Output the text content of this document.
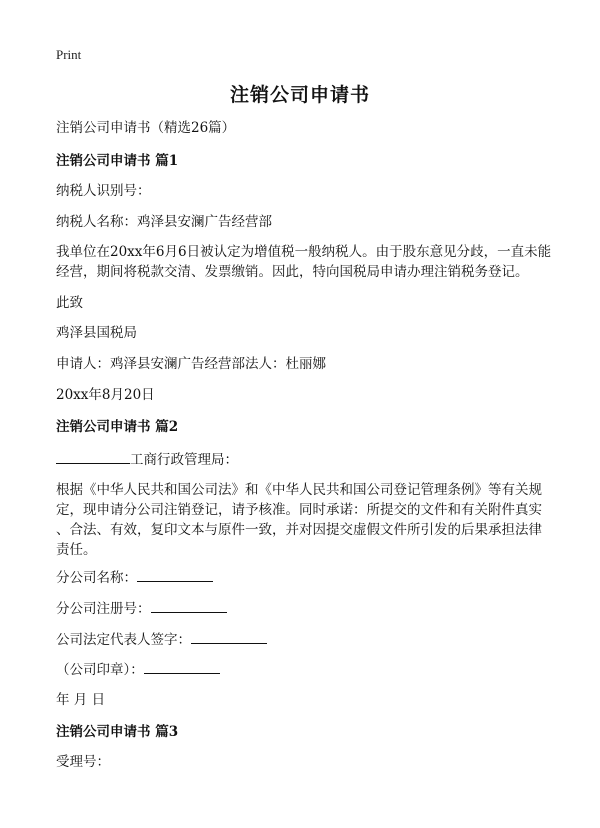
Print
注销公司申请书
注销公司申请书（精选26篇）
注销公司申请书 篇1
纳税人识别号：
纳税人名称：鸡泽县安澜广告经营部
我单位在20xx年6月6日被认定为增值税一般纳税人。由于股东意见分歧，一直未能
经营，期间将税款交清、发票缴销。因此，特向国税局申请办理注销税务登记。
此致
鸡泽县国税局
申请人：鸡泽县安澜广告经营部法人：杜丽娜
20xx年8月20日
注销公司申请书 篇2
工商行政管理局：
根据《中华人民共和国公司法》和《中华人民共和国公司登记管理条例》等有关规
定，现申请分公司注销登记，请予核准。同时承诺：所提交的文件和有关附件真实
、合法、有效，复印文本与原件一致，并对因提交虚假文件所引发的后果承担法律
责任。
分公司名称：
分公司注册号：
公司法定代表人签字：
（公司印章）：
年 月 日
注销公司申请书 篇3
受理号：
